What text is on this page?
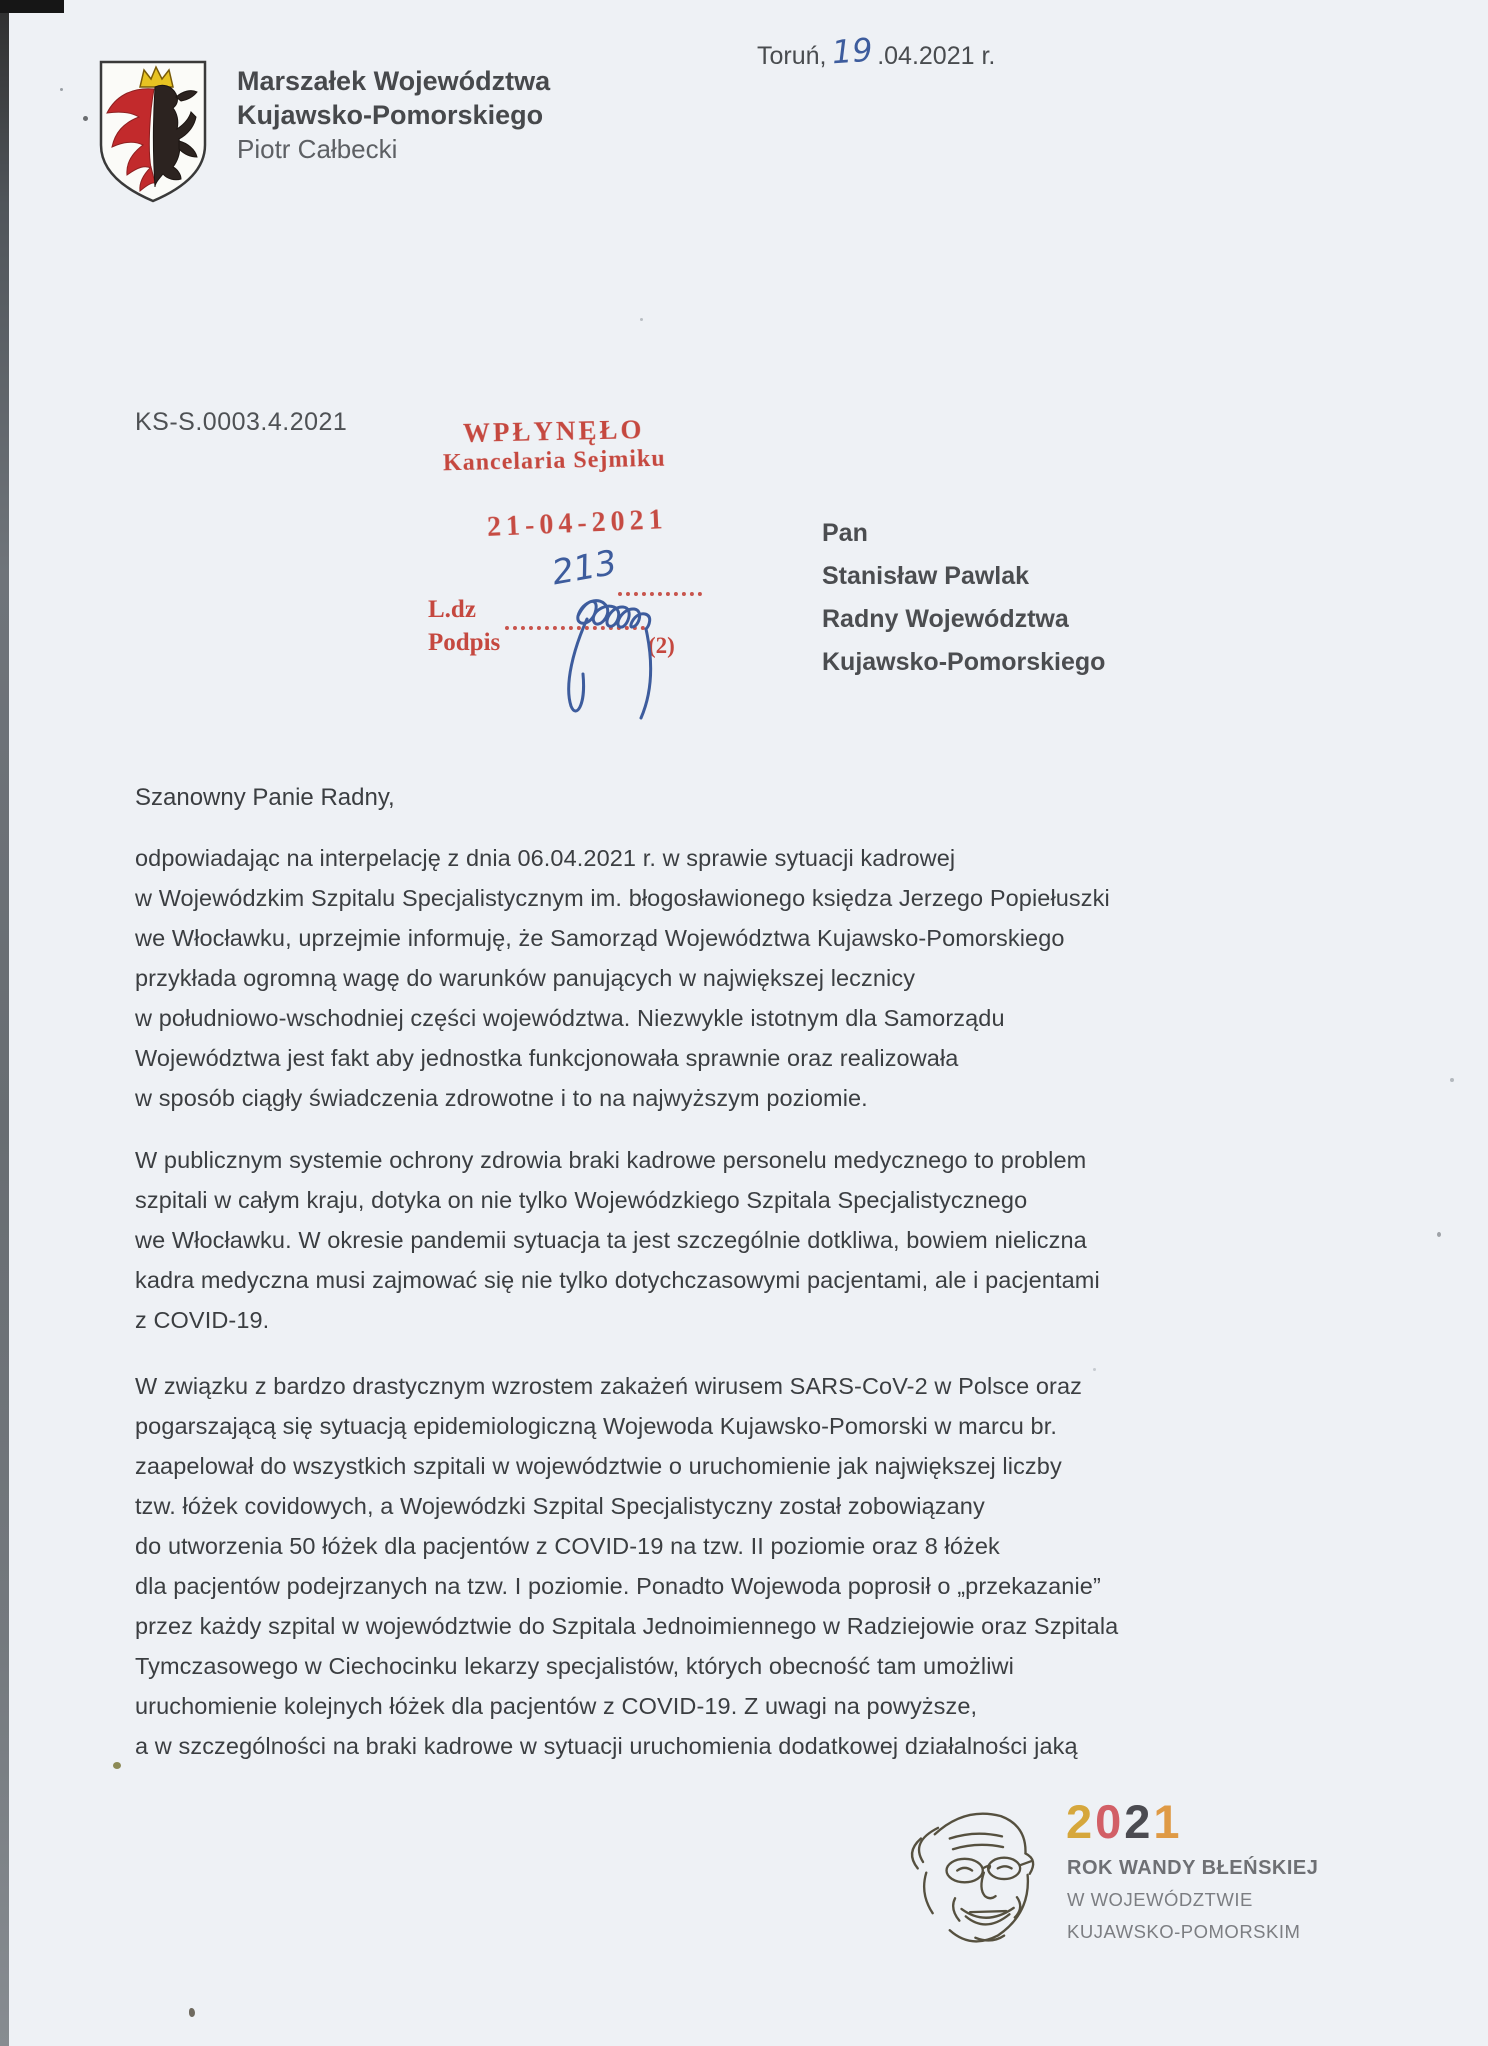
Marszałek Województwa
Kujawsko-Pomorskiego
Piotr Całbecki
Toruń, 19 .04.2021 r.
KS-S.0003.4.2021	WPŁYNĘŁO
Kancelaria Sejmiku
21-04-2021
L.dz
Podpis	(2)
213
Pan
Stanisław Pawlak
Radny Województwa
Kujawsko-Pomorskiego
Szanowny Panie Radny,
odpowiadając na interpelację z dnia 06.04.2021 r. w sprawie sytuacji kadrowej
w Wojewódzkim Szpitalu Specjalistycznym im. błogosławionego księdza Jerzego Popiełuszki
we Włocławku, uprzejmie informuję, że Samorząd Województwa Kujawsko-Pomorskiego
przykłada ogromną wagę do warunków panujących w największej lecznicy
w południowo-wschodniej części województwa. Niezwykle istotnym dla Samorządu
Województwa jest fakt aby jednostka funkcjonowała sprawnie oraz realizowała
w sposób ciągły świadczenia zdrowotne i to na najwyższym poziomie.
W publicznym systemie ochrony zdrowia braki kadrowe personelu medycznego to problem
szpitali w całym kraju, dotyka on nie tylko Wojewódzkiego Szpitala Specjalistycznego
we Włocławku. W okresie pandemii sytuacja ta jest szczególnie dotkliwa, bowiem nieliczna
kadra medyczna musi zajmować się nie tylko dotychczasowymi pacjentami, ale i pacjentami
z COVID-19.
W związku z bardzo drastycznym wzrostem zakażeń wirusem SARS-CoV-2 w Polsce oraz
pogarszającą się sytuacją epidemiologiczną Wojewoda Kujawsko-Pomorski w marcu br.
zaapelował do wszystkich szpitali w województwie o uruchomienie jak największej liczby
tzw. łóżek covidowych, a Wojewódzki Szpital Specjalistyczny został zobowiązany
do utworzenia 50 łóżek dla pacjentów z COVID-19 na tzw. II poziomie oraz 8 łóżek
dla pacjentów podejrzanych na tzw. I poziomie. Ponadto Wojewoda poprosił o „przekazanie”
przez każdy szpital w województwie do Szpitala Jednoimiennego w Radziejowie oraz Szpitala
Tymczasowego w Ciechocinku lekarzy specjalistów, których obecność tam umożliwi
uruchomienie kolejnych łóżek dla pacjentów z COVID-19. Z uwagi na powyższe,
a w szczególności na braki kadrowe w sytuacji uruchomienia dodatkowej działalności jaką
2021
ROK WANDY BŁEŃSKIEJ
W WOJEWÓDZTWIE
KUJAWSKO-POMORSKIM
